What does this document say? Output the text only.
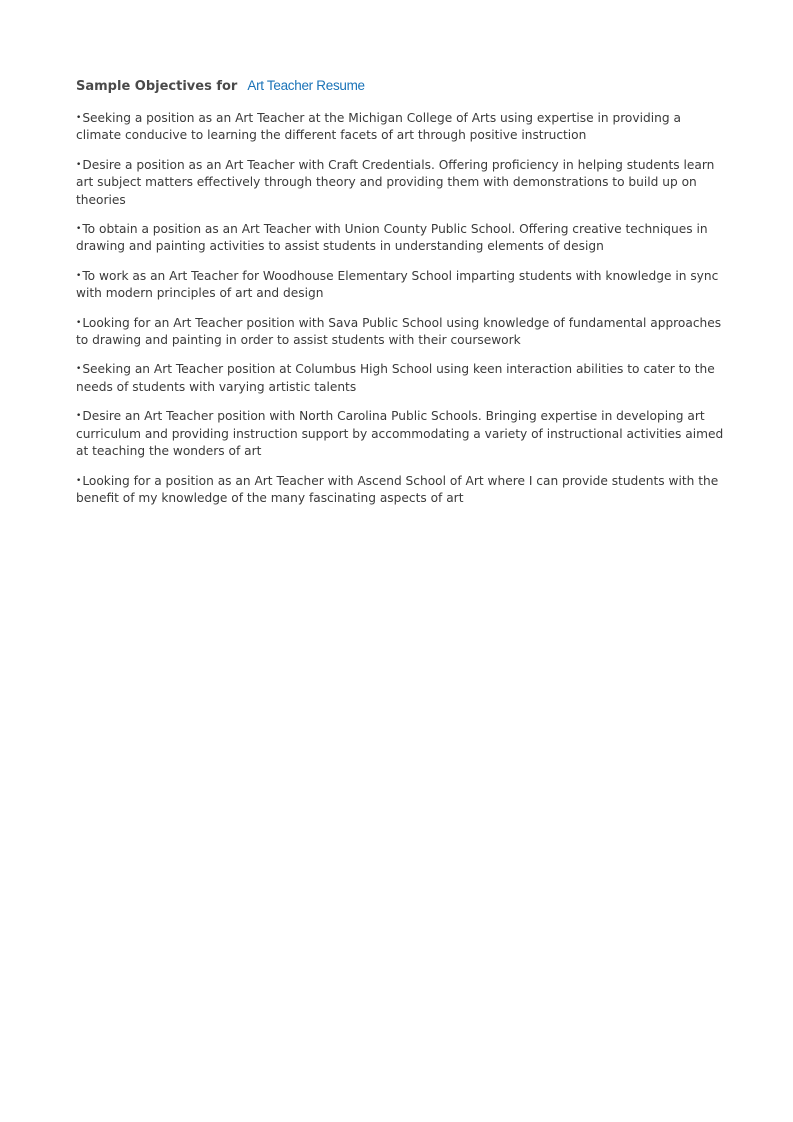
Sample Objectives for Art Teacher Resume
•Seeking a position as an Art Teacher at the Michigan College of Arts using expertise in providing a climate conducive to learning the different facets of art through positive instruction
•Desire a position as an Art Teacher with Craft Credentials. Offering proficiency in helping students learn art subject matters effectively through theory and providing them with demonstrations to build up on theories
•To obtain a position as an Art Teacher with Union County Public School. Offering creative techniques in drawing and painting activities to assist students in understanding elements of design
•To work as an Art Teacher for Woodhouse Elementary School imparting students with knowledge in sync with modern principles of art and design
•Looking for an Art Teacher position with Sava Public School using knowledge of fundamental approaches to drawing and painting in order to assist students with their coursework
•Seeking an Art Teacher position at Columbus High School using keen interaction abilities to cater to the needs of students with varying artistic talents
•Desire an Art Teacher position with North Carolina Public Schools. Bringing expertise in developing art curriculum and providing instruction support by accommodating a variety of instructional activities aimed at teaching the wonders of art
•Looking for a position as an Art Teacher with Ascend School of Art where I can provide students with the benefit of my knowledge of the many fascinating aspects of art
